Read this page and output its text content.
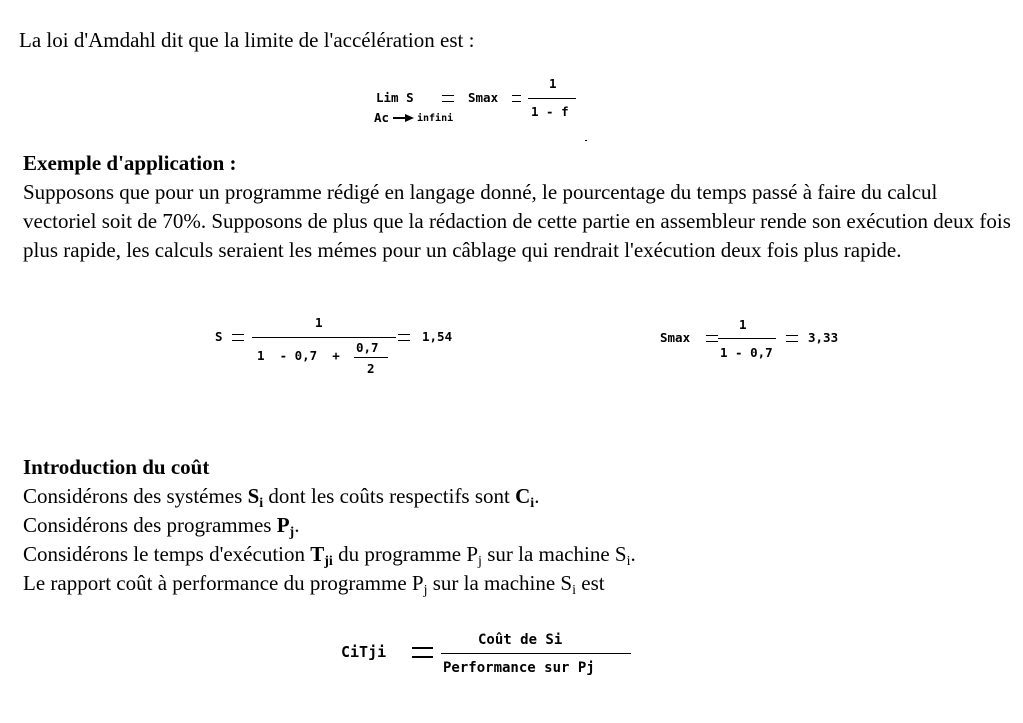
La loi d'Amdahl dit que la limite de l'accélération est :
Lim S
Ac	infini
Smax
1
1 - f
Exemple d'application :
Supposons que pour un programme rédigé en langage donné, le pourcentage du temps passé à faire du calcul vectoriel soit de 70%. Supposons de plus que la rédaction de cette partie en assembleur rende son exécution deux fois plus rapide, les calculs seraient les mémes pour un câblage qui rendrait l'exécution deux fois plus rapide.
S
1
1  - 0,7  +
0,7
2
1,54	Smax
1
1 - 0,7
3,33
Introduction du coût
Considérons des systémes $S_i$ dont les coûts respectifs sont $C_i$.
Considérons des programmes $P_j$.
Considérons le temps d'exécution $T_{ji}$ du programme $P_j$ sur la machine $S_i$.
Le rapport coût à performance du programme $P_j$ sur la machine $S_i$ est
CiTji
Coût de Si
Performance sur Pj
